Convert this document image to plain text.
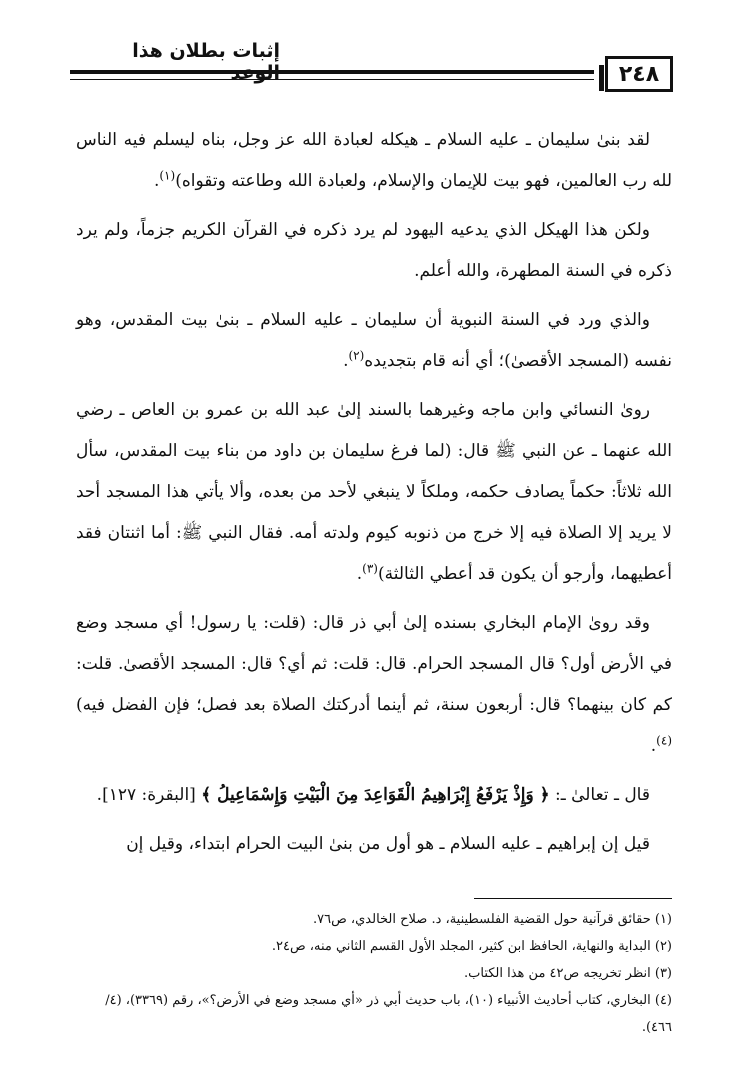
إثبات بطلان هذا
٢٤٨

لقد بنىٰ سليمان ـ عليه السلام ـ هيكله لعبادة الله عز وجل، بناه ليسلم فيه الناس لله رب العالمين، فهو بيت للإيمان والإسلام، ولعبادة الله وطاعته وتقواه)$^{(١)}$.

ولكن هذا الهيكل الذي يدعيه اليهود لم يرد ذكره في القرآن الكريم جزماً، ولم يرد ذكره في السنة المطهرة، والله أعلم.

والذي ورد في السنة النبوية أن سليمان ـ عليه السلام ـ بنىٰ بيت المقدس، وهو نفسه (المسجد الأقصىٰ)؛ أي أنه قام بتجديده$^{(٢)}$.

روىٰ النسائي وابن ماجه وغيرهما بالسند إلىٰ عبد الله بن عمرو بن العاص ـ رضي الله عنهما ـ عن النبي ﷺ قال: (لما فرغ سليمان بن داود من بناء بيت المقدس، سأل الله ثلاثاً: حكماً يصادف حكمه، وملكاً لا ينبغي لأحد من بعده، وألا يأتي هذا المسجد أحد لا يريد إلا الصلاة فيه إلا خرج من ذنوبه كيوم ولدته أمه. فقال النبي ﷺ: أما اثنتان فقد أعطيهما، وأرجو أن يكون قد أعطي الثالثة)$^{(٣)}$.

وقد روىٰ الإمام البخاري بسنده إلىٰ أبي ذر قال: (قلت: يا رسول! أي مسجد وضع في الأرض أول؟ قال المسجد الحرام. قال: قلت: ثم أي؟ قال: المسجد الأقصىٰ. قلت: كم كان بينهما؟ قال: أربعون سنة، ثم أينما أدركتك الصلاة بعد فصل؛ فإن الفضل فيه)$^{(٤)}$.

قال ـ تعالىٰ ـ: ﴿ وَإِذْ يَرْفَعُ إِبْرَاهِيمُ الْقَوَاعِدَ مِنَ الْبَيْتِ وَإِسْمَاعِيلُ ﴾ [البقرة: ١٢٧].

قيل إن إبراهيم ـ عليه السلام ـ هو أول من بنىٰ البيت الحرام ابتداء، وقيل إن

(١) حقائق قرآنية حول القضية الفلسطينية، د. صلاح الخالدي، ص٧٦.
(٢) البداية والنهاية، الحافظ ابن كثير، المجلد الأول القسم الثاني منه، ص٢٤.
(٣) انظر تخريجه ص٤٢ من هذا الكتاب.
(٤) البخاري، كتاب أحاديث الأنبياء (١٠)، باب حديث أبي ذر «أي مسجد وضع في الأرض؟»، رقم (٣٣٦٩)، (٤/ ٤٦٦).
